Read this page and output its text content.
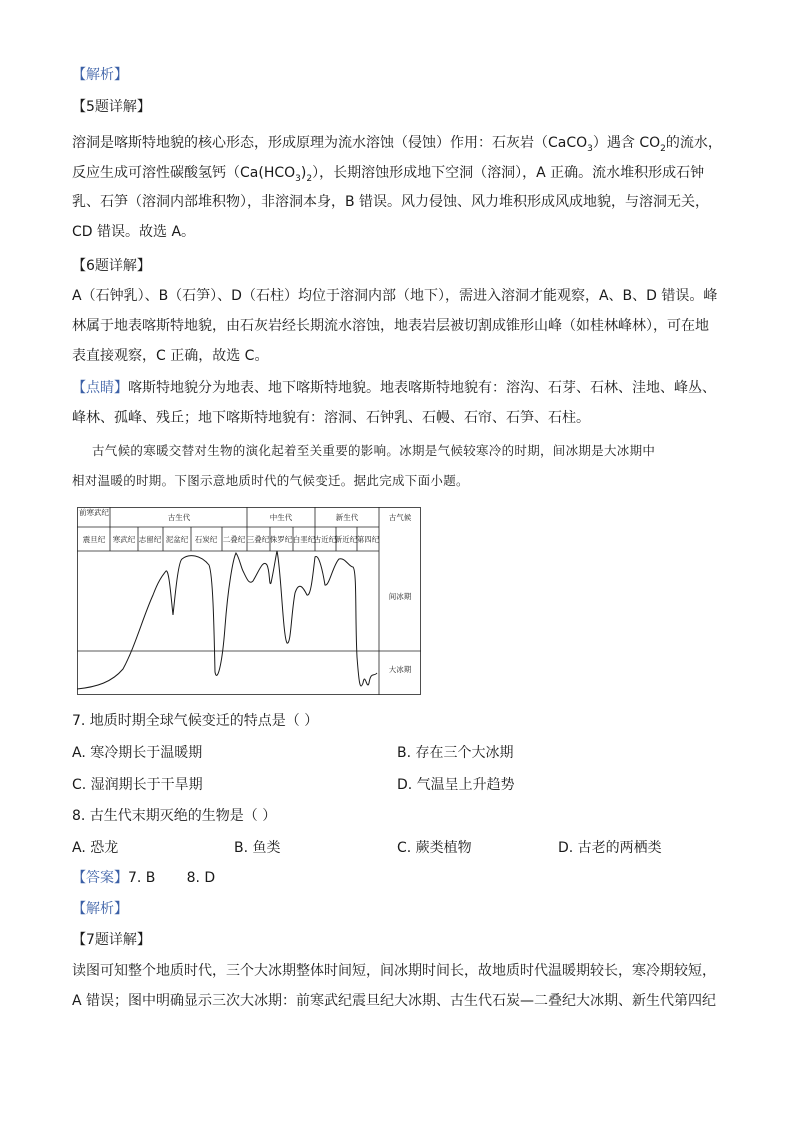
【解析】
【5题详解】
溶洞是喀斯特地貌的核心形态，形成原理为流水溶蚀（侵蚀）作用：石灰岩（CaCO$_3$）遇含 $CO_2$的流水，
反应生成可溶性碳酸氢钙$(Ca(HCO_3)_2)$，长期溶蚀形成地下空洞（溶洞），A 正确。流水堆积形成石钟
乳、石笋（溶洞内部堆积物），非溶洞本身，B 错误。风力侵蚀、风力堆积形成风成地貌，与溶洞无关，
CD 错误。故选 A。
【6题详解】
A（石钟乳）、B（石笋）、D（石柱）均位于溶洞内部（地下），需进入溶洞才能观察，A、B、D 错误。峰
林属于地表喀斯特地貌，由石灰岩经长期流水溶蚀，地表岩层被切割成锥形山峰（如桂林峰林），可在地
表直接观察，C 正确，故选 C。
【点睛】喀斯特地貌分为地表、地下喀斯特地貌。地表喀斯特地貌有：溶沟、石芽、石林、洼地、峰丛、
峰林、孤峰、残丘；地下喀斯特地貌有：溶洞、石钟乳、石幔、石帘、石笋、石柱。
古气候的寒暖交替对生物的演化起着至关重要的影响。冰期是气候较寒冷的时期，间冰期是大冰期中
相对温暖的时期。下图示意地质时代的气候变迁。据此完成下面小题。
前寒武纪
古生代	中生代	新生代	古气候
震旦纪 寒武纪 志留纪 泥盆纪 石炭纪 二叠纪 三叠纪 侏罗纪 白垩纪
古近纪
新近纪 第四纪
间冰期
大冰期
7. 地质时期全球气候变迁的特点是（ ）
A. 寒冷期长于温暖期	B. 存在三个大冰期
C. 湿润期长于干旱期	D. 气温呈上升趋势
8. 古生代末期灭绝的生物是（ ）
A. 恐龙	B. 鱼类	C. 蕨类植物	D. 古老的两栖类
【答案】7. B       8. D
【解析】
【7题详解】
读图可知整个地质时代，三个大冰期整体时间短，间冰期时间长，故地质时代温暖期较长，寒冷期较短，
A 错误；图中明确显示三次大冰期：前寒武纪震旦纪大冰期、古生代石炭—二叠纪大冰期、新生代第四纪
